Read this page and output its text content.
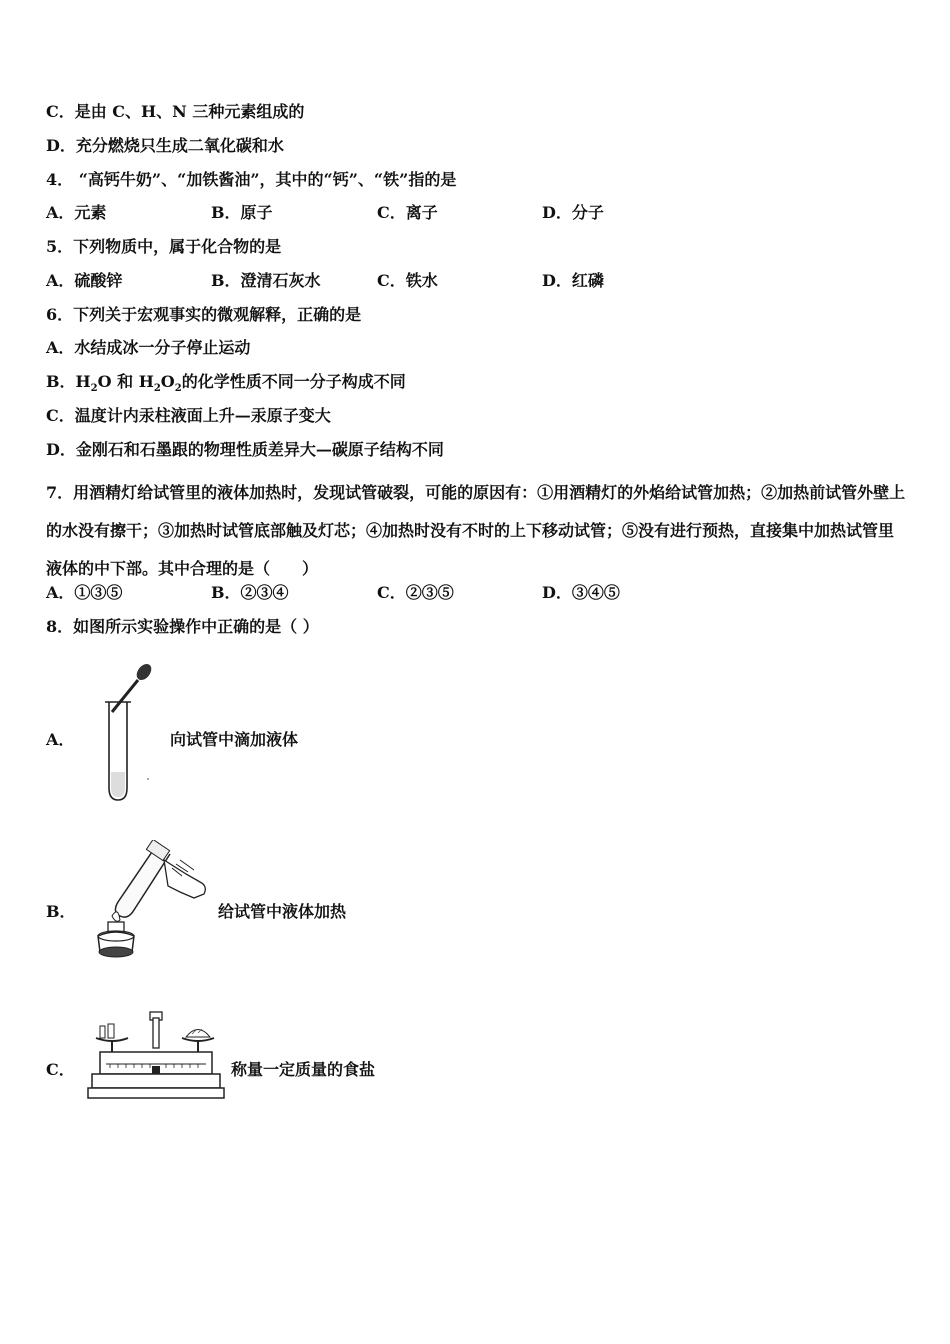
C．是由 C、H、N 三种元素组成的
D．充分燃烧只生成二氧化碳和水
4． “高钙牛奶”、“加铁酱油”，其中的“钙”、“铁”指的是
A．元素	B．原子	C．离子	D．分子
5．下列物质中，属于化合物的是
A．硫酸锌	B．澄清石灰水	C．铁水	D．红磷
6．下列关于宏观事实的微观解释，正确的是
A．水结成冰一分子停止运动
B．$H_2O$ 和 $H_2O_2$的化学性质不同一分子构成不同
C．温度计内汞柱液面上升—汞原子变大
D．金刚石和石墨跟的物理性质差异大—碳原子结构不同
7．用酒精灯给试管里的液体加热时，发现试管破裂，可能的原因有：①用酒精灯的外焰给试管加热；②加热前试管外壁上的水没有擦干；③加热时试管底部触及灯芯；④加热时没有不时的上下移动试管；⑤没有进行预热，直接集中加热试管里液体的中下部。其中合理的是（　　）
A．①③⑤	B．②③④	C．②③⑤	D．③④⑤
8．如图所示实验操作中正确的是（ ）
A．	向试管中滴加液体
B．	给试管中液体加热
C．	称量一定质量的食盐
